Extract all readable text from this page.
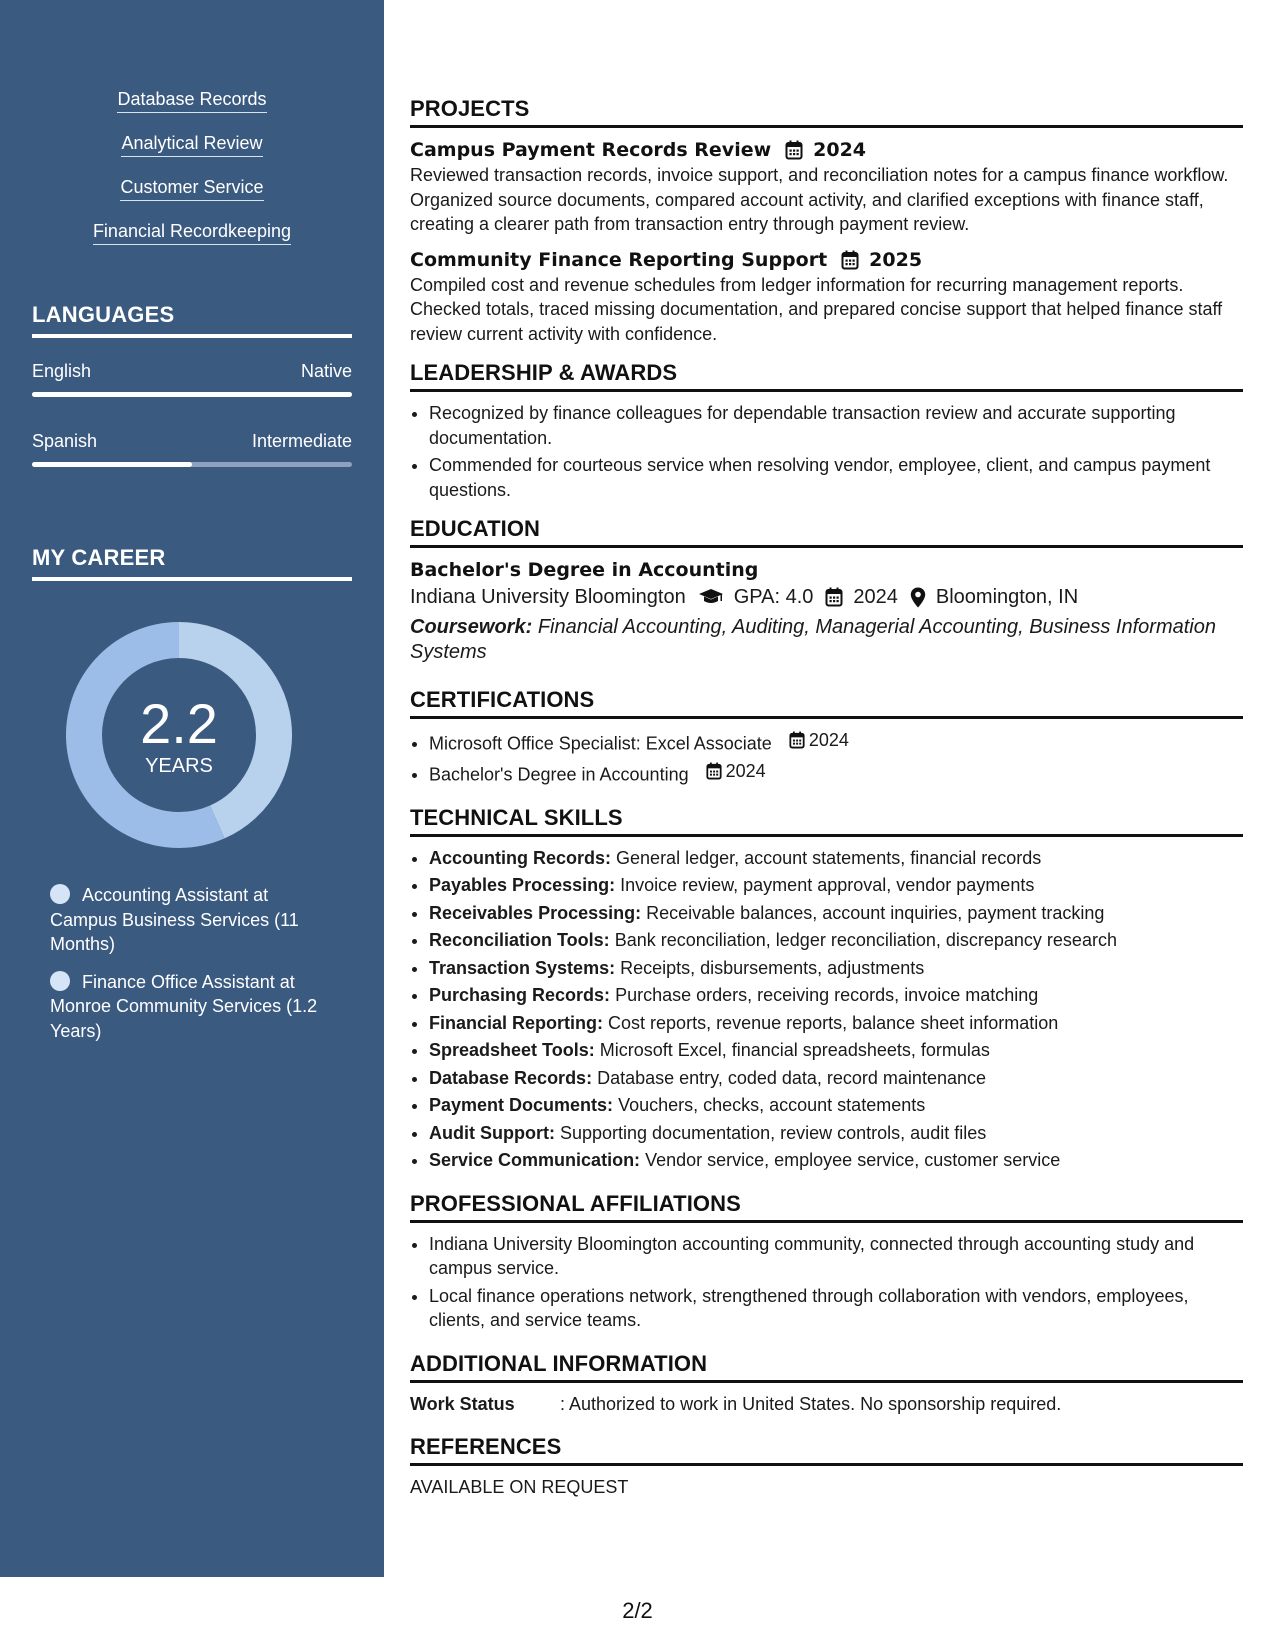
Database Records
Analytical Review
Customer Service
Financial Recordkeeping
LANGUAGES
English	Native
Spanish	Intermediate
MY CAREER
2.2
YEARS
Accounting Assistant at Campus Business Services (11 Months)
Finance Office Assistant at Monroe Community Services (1.2 Years)
PROJECTS
Campus Payment Records Review 2024

Reviewed transaction records, invoice support, and reconciliation notes for a campus finance workflow. Organized source documents, compared account activity, and clarified exceptions with finance staff, creating a clearer path from transaction entry through payment review.

Community Finance Reporting Support 2025

Compiled cost and revenue schedules from ledger information for recurring management reports. Checked totals, traced missing documentation, and prepared concise support that helped finance staff review current activity with confidence.

LEADERSHIP & AWARDS
• Recognized by finance colleagues for dependable transaction review and accurate supporting documentation.
• Commended for courteous service when resolving vendor, employee, client, and campus payment questions.
EDUCATION
Bachelor's Degree in Accounting
Indiana University Bloomington GPA: 4.0 2024 Bloomington, IN
Coursework: Financial Accounting, Auditing, Managerial Accounting, Business Information Systems
CERTIFICATIONS
• Microsoft Office Specialist: Excel Associate 2024
• Bachelor's Degree in Accounting 2024
TECHNICAL SKILLS
• Accounting Records: General ledger, account statements, financial records
• Payables Processing: Invoice review, payment approval, vendor payments
• Receivables Processing: Receivable balances, account inquiries, payment tracking
• Reconciliation Tools: Bank reconciliation, ledger reconciliation, discrepancy research
• Transaction Systems: Receipts, disbursements, adjustments
• Purchasing Records: Purchase orders, receiving records, invoice matching
• Financial Reporting: Cost reports, revenue reports, balance sheet information
• Spreadsheet Tools: Microsoft Excel, financial spreadsheets, formulas
• Database Records: Database entry, coded data, record maintenance
• Payment Documents: Vouchers, checks, account statements
• Audit Support: Supporting documentation, review controls, audit files
• Service Communication: Vendor service, employee service, customer service
PROFESSIONAL AFFILIATIONS
• Indiana University Bloomington accounting community, connected through accounting study and campus service.
• Local finance operations network, strengthened through collaboration with vendors, employees, clients, and service teams.
ADDITIONAL INFORMATION
Work Status	: Authorized to work in United States. No sponsorship required.
REFERENCES
AVAILABLE ON REQUEST
2/2
